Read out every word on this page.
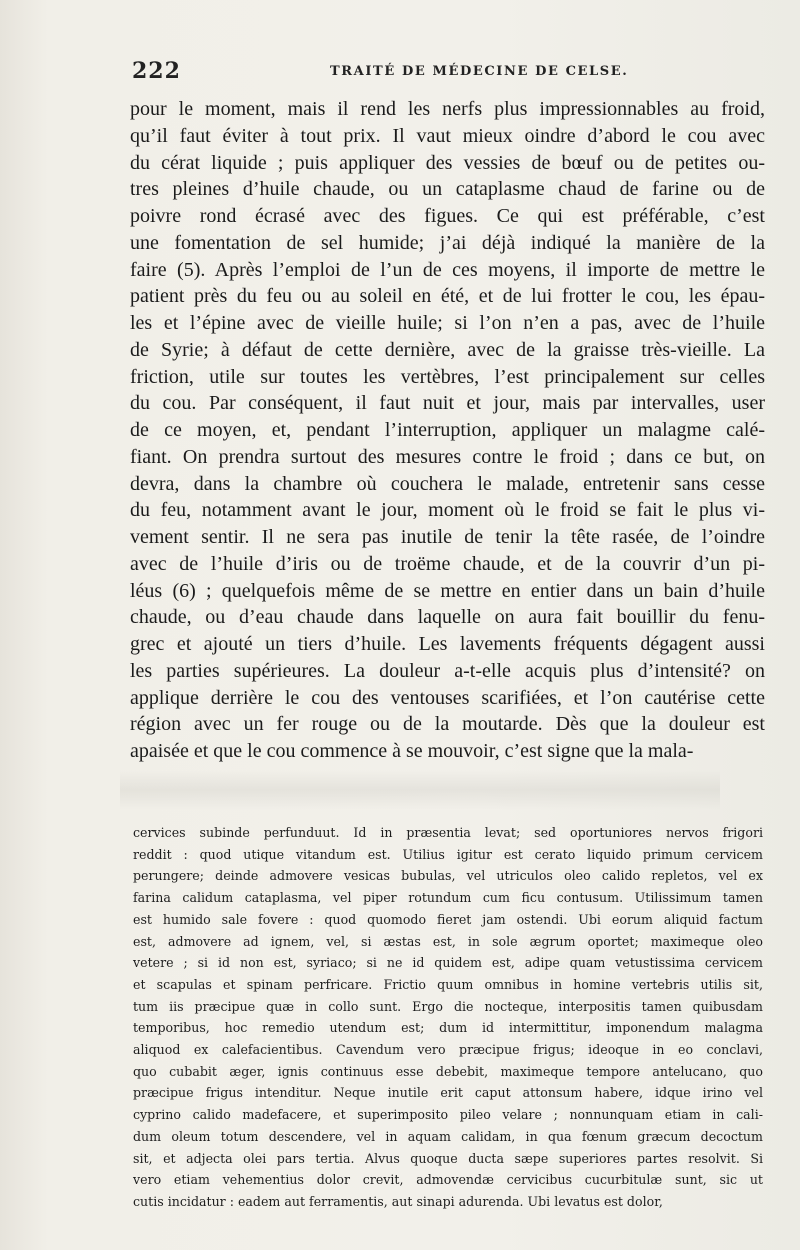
222	TRAITÉ DE MÉDECINE DE CELSE.
pour le moment, mais il rend les nerfs plus impressionnables au froid,
qu’il faut éviter à tout prix. Il vaut mieux oindre d’abord le cou avec
du cérat liquide ; puis appliquer des vessies de bœuf ou de petites ou-
tres pleines d’huile chaude, ou un cataplasme chaud de farine ou de
poivre rond écrasé avec des figues. Ce qui est préférable, c’est
une fomentation de sel humide; j’ai déjà indiqué la manière de la
faire (5). Après l’emploi de l’un de ces moyens, il importe de mettre le
patient près du feu ou au soleil en été, et de lui frotter le cou, les épau-
les et l’épine avec de vieille huile; si l’on n’en a pas, avec de l’huile
de Syrie; à défaut de cette dernière, avec de la graisse très-vieille. La
friction, utile sur toutes les vertèbres, l’est principalement sur celles
du cou. Par conséquent, il faut nuit et jour, mais par intervalles, user
de ce moyen, et, pendant l’interruption, appliquer un malagme calé-
fiant. On prendra surtout des mesures contre le froid ; dans ce but, on
devra, dans la chambre où couchera le malade, entretenir sans cesse
du feu, notamment avant le jour, moment où le froid se fait le plus vi-
vement sentir. Il ne sera pas inutile de tenir la tête rasée, de l’oindre
avec de l’huile d’iris ou de troëme chaude, et de la couvrir d’un pi-
léus (6) ; quelquefois même de se mettre en entier dans un bain d’huile
chaude, ou d’eau chaude dans laquelle on aura fait bouillir du fenu-
grec et ajouté un tiers d’huile. Les lavements fréquents dégagent aussi
les parties supérieures. La douleur a-t-elle acquis plus d’intensité? on
applique derrière le cou des ventouses scarifiées, et l’on cautérise cette
région avec un fer rouge ou de la moutarde. Dès que la douleur est
apaisée et que le cou commence à se mouvoir, c’est signe que la mala-
cervices subinde perfunduut. Id in præsentia levat; sed oportuniores nervos frigori
reddit : quod utique vitandum est. Utilius igitur est cerato liquido primum cervicem
perungere; deinde admovere vesicas bubulas, vel utriculos oleo calido repletos, vel ex
farina calidum cataplasma, vel piper rotundum cum ficu contusum. Utilissimum tamen
est humido sale fovere : quod quomodo fieret jam ostendi. Ubi eorum aliquid factum
est, admovere ad ignem, vel, si æstas est, in sole ægrum oportet; maximeque oleo
vetere ; si id non est, syriaco; si ne id quidem est, adipe quam vetustissima cervicem
et scapulas et spinam perfricare. Frictio quum omnibus in homine vertebris utilis sit,
tum iis præcipue quæ in collo sunt. Ergo die nocteque, interpositis tamen quibusdam
temporibus, hoc remedio utendum est; dum id intermittitur, imponendum malagma
aliquod ex calefacientibus. Cavendum vero præcipue frigus; ideoque in eo conclavi,
quo cubabit æger, ignis continuus esse debebit, maximeque tempore antelucano, quo
præcipue frigus intenditur. Neque inutile erit caput attonsum habere, idque irino vel
cyprino calido madefacere, et superimposito pileo velare ; nonnunquam etiam in cali-
dum oleum totum descendere, vel in aquam calidam, in qua fœnum græcum decoctum
sit, et adjecta olei pars tertia. Alvus quoque ducta sæpe superiores partes resolvit. Si
vero etiam vehementius dolor crevit, admovendæ cervicibus cucurbitulæ sunt, sic ut
cutis incidatur : eadem aut ferramentis, aut sinapi adurenda. Ubi levatus est dolor,
